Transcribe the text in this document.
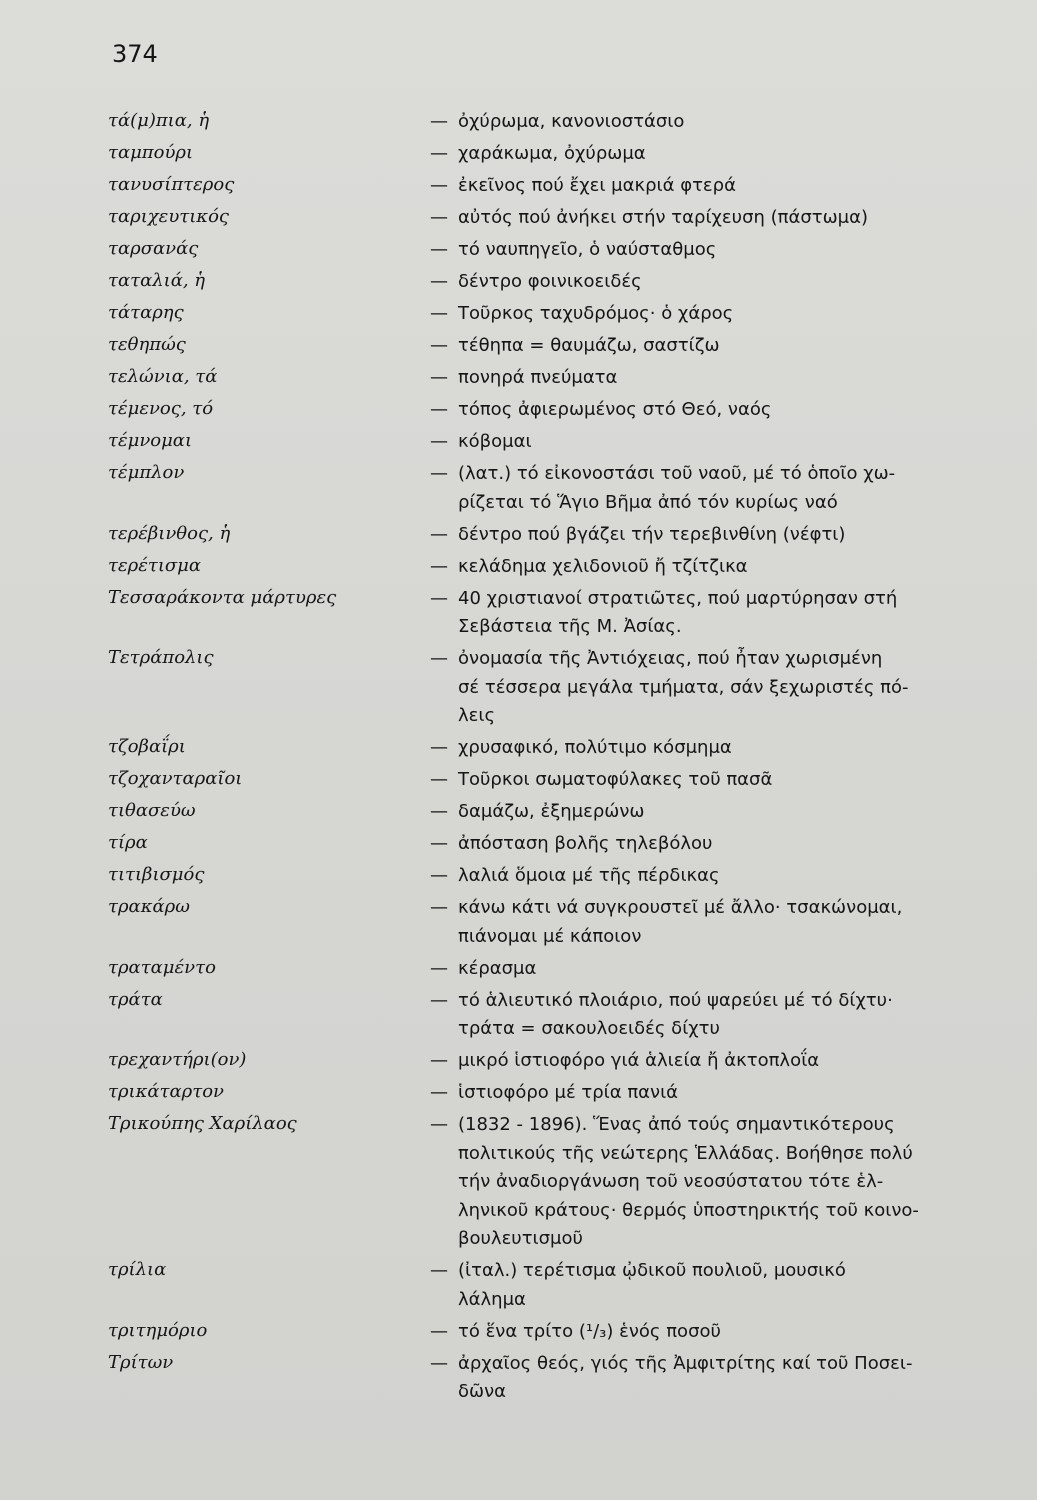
374
τά(μ)πια, ἡ	— ὀχύρωμα, κανονιοστάσιο
ταμπούρι	— χαράκωμα, ὀχύρωμα
τανυσίπτερος	— ἐκεῖνος πού ἔχει μακριά φτερά
ταριχευτικός	— αὐτός πού ἀνήκει στήν ταρίχευση (πάστωμα)
ταρσανάς	— τό ναυπηγεῖο, ὁ ναύσταθμος
ταταλιά, ἡ	— δέντρο φοινικοειδές
τάταρης	— Τοῦρκος ταχυδρόμος· ὁ χάρος
τεθηπώς	— τέθηπα = θαυμάζω, σαστίζω
τελώνια, τά	— πονηρά πνεύματα
τέμενος, τό	— τόπος ἀφιερωμένος στό Θεό, ναός
τέμνομαι	— κόβομαι
τέμπλον	— (λατ.) τό εἰκονοστάσι τοῦ ναοῦ, μέ τό ὁποῖο χω-
ρίζεται τό Ἅγιο Βῆμα ἀπό τόν κυρίως ναό
τερέβινθος, ἡ	— δέντρο πού βγάζει τήν τερεβινθίνη (νέφτι)
τερέτισμα	— κελάδημα χελιδονιοῦ ἤ τζίτζικα
Τεσσαράκοντα μάρτυρες	— 40 χριστιανοί στρατιῶτες, πού μαρτύρησαν στή
Σεβάστεια τῆς Μ. Ἀσίας.
Τετράπολις	— ὀνομασία τῆς Ἀντιόχειας, πού ἦταν χωρισμένη
σέ τέσσερα μεγάλα τμήματα, σάν ξεχωριστές πό-
λεις
τζοβαΐρι	— χρυσαφικό, πολύτιμο κόσμημα
τζοχανταραῖοι	— Τοῦρκοι σωματοφύλακες τοῦ πασᾶ
τιθασεύω	— δαμάζω, ἐξημερώνω
τίρα	— ἀπόσταση βολῆς τηλεβόλου
τιτιβισμός	— λαλιά ὅμοια μέ τῆς πέρδικας
τρακάρω	— κάνω κάτι νά συγκρουστεῖ μέ ἄλλο· τσακώνομαι,
πιάνομαι μέ κάποιον
τραταμέντο	— κέρασμα
τράτα	— τό ἁλιευτικό πλοιάριο, πού ψαρεύει μέ τό δίχτυ·
τράτα = σακουλοειδές δίχτυ
τρεχαντήρι(ον)	— μικρό ἱστιοφόρο γιά ἁλιεία ἤ ἀκτοπλοΐα
τρικάταρτον	— ἱστιοφόρο μέ τρία πανιά
Τρικούπης Χαρίλαος	— (1832 - 1896). Ἕνας ἀπό τούς σημαντικότερους
πολιτικούς τῆς νεώτερης Ἑλλάδας. Βοήθησε πολύ
τήν ἀναδιοργάνωση τοῦ νεοσύστατου τότε ἑλ-
ληνικοῦ κράτους· θερμός ὑποστηρικτής τοῦ κοινο-
βουλευτισμοῦ
τρίλια	— (ἰταλ.) τερέτισμα ᾠδικοῦ πουλιοῦ, μουσικό
λάλημα
τριτημόριο	— τό ἕνα τρίτο (¹/₃) ἑνός ποσοῦ
Τρίτων	— ἀρχαῖος θεός, γιός τῆς Ἀμφιτρίτης καί τοῦ Ποσει-
δῶνα
